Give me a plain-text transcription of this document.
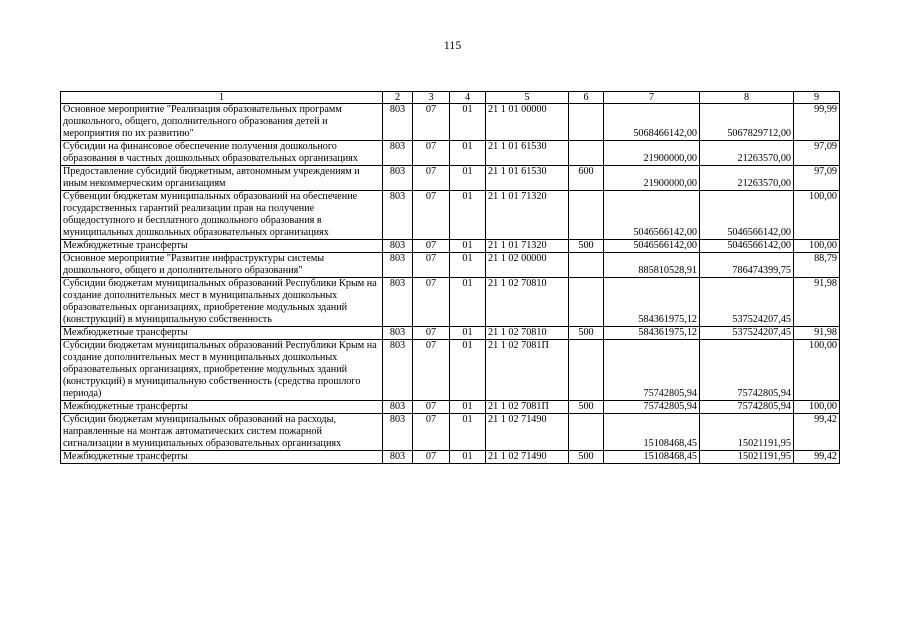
115
1	2	3	4	5	6	7	8	9
Основное мероприятие "Реализация образовательных программ дошкольного, общего, дополнительного образования детей и мероприятия по их развитию"	803	07	01	21 1 01 00000		5068466142,00	5067829712,00	99,99
Субсидии на финансовое обеспечение получения дошкольного образования в частных дошкольных образовательных организациях	803	07	01	21 1 01 61530		21900000,00	21263570,00	97,09
Предоставление субсидий бюджетным, автономным учреждениям и иным некоммерческим организациям	803	07	01	21 1 01 61530	600	21900000,00	21263570,00	97,09
Субвенции бюджетам муниципальных образований на обеспечение государственных гарантий реализации прав на получение общедоступного и бесплатного дошкольного образования в муниципальных дошкольных образовательных организациях	803	07	01	21 1 01 71320		5046566142,00	5046566142,00	100,00
Межбюджетные трансферты	803	07	01	21 1 01 71320	500	5046566142,00	5046566142,00	100,00
Основное мероприятие "Развитие инфраструктуры системы дошкольного, общего и дополнительного образования"	803	07	01	21 1 02 00000		885810528,91	786474399,75	88,79
Субсидии бюджетам муниципальных образований Республики Крым на создание дополнительных мест в муниципальных дошкольных образовательных организациях, приобретение модульных зданий (конструкций) в муниципальную собственность	803	07	01	21 1 02 70810		584361975,12	537524207,45	91,98
Межбюджетные трансферты	803	07	01	21 1 02 70810	500	584361975,12	537524207,45	91,98
Субсидии бюджетам муниципальных образований Республики Крым на создание дополнительных мест в муниципальных дошкольных образовательных организациях, приобретение модульных зданий (конструкций) в муниципальную собственность (средства прошлого периода)	803	07	01	21 1 02 7081П		75742805,94	75742805,94	100,00
Межбюджетные трансферты	803	07	01	21 1 02 7081П	500	75742805,94	75742805,94	100,00
Субсидии бюджетам муниципальных образований на расходы, направленные на монтаж автоматических систем пожарной сигнализации в муниципальных образовательных организациях	803	07	01	21 1 02 71490		15108468,45	15021191,95	99,42
Межбюджетные трансферты	803	07	01	21 1 02 71490	500	15108468,45	15021191,95	99,42
